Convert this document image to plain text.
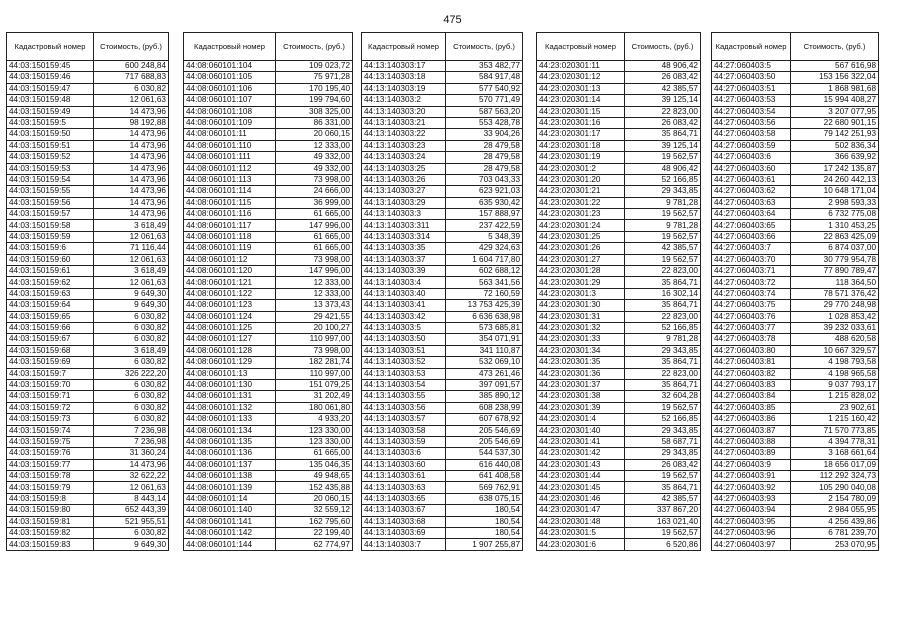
475
Кадастровый номер	Стоимость, (руб.)
44:03:150159:45	600 248,84
44:03:150159:46	717 688,83
44:03:150159:47	6 030,82
44:03:150159:48	12 061,63
44:03:150159:49	14 473,96
44:03:150159:5	98 192,88
44:03:150159:50	14 473,96
44:03:150159:51	14 473,96
44:03:150159:52	14 473,96
44:03:150159:53	14 473,96
44:03:150159:54	14 473,96
44:03:150159:55	14 473,96
44:03:150159:56	14 473,96
44:03:150159:57	14 473,96
44:03:150159:58	3 618,49
44:03:150159:59	12 061,63
44:03:150159:6	71 116,44
44:03:150159:60	12 061,63
44:03:150159:61	3 618,49
44:03:150159:62	12 061,63
44:03:150159:63	9 649,30
44:03:150159:64	9 649,30
44:03:150159:65	6 030,82
44:03:150159:66	6 030,82
44:03:150159:67	6 030,82
44:03:150159:68	3 618,49
44:03:150159:69	6 030,82
44:03:150159:7	326 222,20
44:03:150159:70	6 030,82
44:03:150159:71	6 030,82
44:03:150159:72	6 030,82
44:03:150159:73	6 030,82
44:03:150159:74	7 236,98
44:03:150159:75	7 236,98
44:03:150159:76	31 360,24
44:03:150159:77	14 473,96
44:03:150159:78	32 622,22
44:03:150159:79	12 061,63
44:03:150159:8	8 443,14
44:03:150159:80	652 443,39
44:03:150159:81	521 955,51
44:03:150159:82	6 030,82
44:03:150159:83	9 649,30
Кадастровый номер	Стоимость, (руб.)
44:08:060101:104	109 023,72
44:08:060101:105	75 971,28
44:08:060101:106	170 195,40
44:08:060101:107	199 794,60
44:08:060101:108	308 325,00
44:08:060101:109	86 331,00
44:08:060101:11	20 060,15
44:08:060101:110	12 333,00
44:08:060101:111	49 332,00
44:08:060101:112	49 332,00
44:08:060101:113	73 998,00
44:08:060101:114	24 666,00
44:08:060101:115	36 999,00
44:08:060101:116	61 665,00
44:08:060101:117	147 996,00
44:08:060101:118	61 665,00
44:08:060101:119	61 665,00
44:08:060101:12	73 998,00
44:08:060101:120	147 996,00
44:08:060101:121	12 333,00
44:08:060101:122	12 333,00
44:08:060101:123	13 373,43
44:08:060101:124	29 421,55
44:08:060101:125	20 100,27
44:08:060101:127	110 997,00
44:08:060101:128	73 998,00
44:08:060101:129	182 281,74
44:08:060101:13	110 997,00
44:08:060101:130	151 079,25
44:08:060101:131	31 202,49
44:08:060101:132	180 061,80
44:08:060101:133	4 933,20
44:08:060101:134	123 330,00
44:08:060101:135	123 330,00
44:08:060101:136	61 665,00
44:08:060101:137	135 046,35
44:08:060101:138	49 948,65
44:08:060101:139	152 435,88
44:08:060101:14	20 060,15
44:08:060101:140	32 559,12
44:08:060101:141	162 795,60
44:08:060101:142	22 199,40
44:08:060101:144	62 774,97
Кадастровый номер	Стоимость, (руб.)
44:13:140303:17	353 482,77
44:13:140303:18	584 917,48
44:13:140303:19	577 540,92
44:13:140303:2	570 771,49
44:13:140303:20	587 563,20
44:13:140303:21	553 428,78
44:13:140303:22	33 904,26
44:13:140303:23	28 479,58
44:13:140303:24	28 479,58
44:13:140303:25	28 479,58
44:13:140303:26	703 043,33
44:13:140303:27	623 921,03
44:13:140303:29	635 930,42
44:13:140303:3	157 888,97
44:13:140303:311	237 422,59
44:13:140303:314	5 348,39
44:13:140303:35	429 324,63
44:13:140303:37	1 604 717,80
44:13:140303:39	602 688,12
44:13:140303:4	563 341,56
44:13:140303:40	72 160,59
44:13:140303:41	13 753 425,39
44:13:140303:42	6 636 638,98
44:13:140303:5	573 685,81
44:13:140303:50	354 071,91
44:13:140303:51	341 110,87
44:13:140303:52	532 069,10
44:13:140303:53	473 261,46
44:13:140303:54	397 091,57
44:13:140303:55	385 890,12
44:13:140303:56	608 238,99
44:13:140303:57	607 678,92
44:13:140303:58	205 546,69
44:13:140303:59	205 546,69
44:13:140303:6	544 537,30
44:13:140303:60	616 440,08
44:13:140303:61	641 408,58
44:13:140303:63	569 762,91
44:13:140303:65	638 075,15
44:13:140303:67	180,54
44:13:140303:68	180,54
44:13:140303:69	180,54
44:13:140303:7	1 907 255,87
Кадастровый номер	Стоимость, (руб.)
44:23:020301:11	48 906,42
44:23:020301:12	26 083,42
44:23:020301:13	42 385,57
44:23:020301:14	39 125,14
44:23:020301:15	22 823,00
44:23:020301:16	26 083,42
44:23:020301:17	35 864,71
44:23:020301:18	39 125,14
44:23:020301:19	19 562,57
44:23:020301:2	48 906,42
44:23:020301:20	52 166,85
44:23:020301:21	29 343,85
44:23:020301:22	9 781,28
44:23:020301:23	19 562,57
44:23:020301:24	9 781,28
44:23:020301:25	19 562,57
44:23:020301:26	42 385,57
44:23:020301:27	19 562,57
44:23:020301:28	22 823,00
44:23:020301:29	35 864,71
44:23:020301:3	16 302,14
44:23:020301:30	35 864,71
44:23:020301:31	22 823,00
44:23:020301:32	52 166,85
44:23:020301:33	9 781,28
44:23:020301:34	29 343,85
44:23:020301:35	35 864,71
44:23:020301:36	22 823,00
44:23:020301:37	35 864,71
44:23:020301:38	32 604,28
44:23:020301:39	19 562,57
44:23:020301:4	52 166,85
44:23:020301:40	29 343,85
44:23:020301:41	58 687,71
44:23:020301:42	29 343,85
44:23:020301:43	26 083,42
44:23:020301:44	19 562,57
44:23:020301:45	35 864,71
44:23:020301:46	42 385,57
44:23:020301:47	337 867,20
44:23:020301:48	163 021,40
44:23:020301:5	19 562,57
44:23:020301:6	6 520,86
Кадастровый номер	Стоимость, (руб.)
44:27:060403:5	567 616,98
44:27:060403:50	153 156 322,04
44:27:060403:51	1 868 981,68
44:27:060403:53	15 994 408,27
44:27:060403:54	3 207 077,95
44:27:060403:56	22 680 901,15
44:27:060403:58	79 142 251,93
44:27:060403:59	502 836,34
44:27:060403:6	366 639,92
44:27:060403:60	17 242 135,87
44:27:060403:61	24 260 442,13
44:27:060403:62	10 648 171,04
44:27:060403:63	2 998 593,33
44:27:060403:64	6 732 775,08
44:27:060403:65	1 310 453,25
44:27:060403:66	22 863 425,09
44:27:060403:7	6 874 037,00
44:27:060403:70	30 779 954,78
44:27:060403:71	77 890 789,47
44:27:060403:72	118 364,50
44:27:060403:74	78 571 376,42
44:27:060403:75	29 770 248,98
44:27:060403:76	1 028 853,42
44:27:060403:77	39 232 033,61
44:27:060403:78	488 620,58
44:27:060403:80	10 667 329,57
44:27:060403:81	4 198 793,58
44:27:060403:82	4 198 965,58
44:27:060403:83	9 037 793,17
44:27:060403:84	1 215 828,02
44:27:060403:85	23 902,61
44:27:060403:86	1 215 160,42
44:27:060403:87	71 570 773,85
44:27:060403:88	4 394 778,31
44:27:060403:89	3 168 661,64
44:27:060403:9	18 656 017,09
44:27:060403:91	112 292 324,73
44:27:060403:92	105 290 040,08
44:27:060403:93	2 154 780,09
44:27:060403:94	2 984 055,95
44:27:060403:95	4 256 439,86
44:27:060403:96	6 781 239,70
44:27:060403:97	253 070,95
